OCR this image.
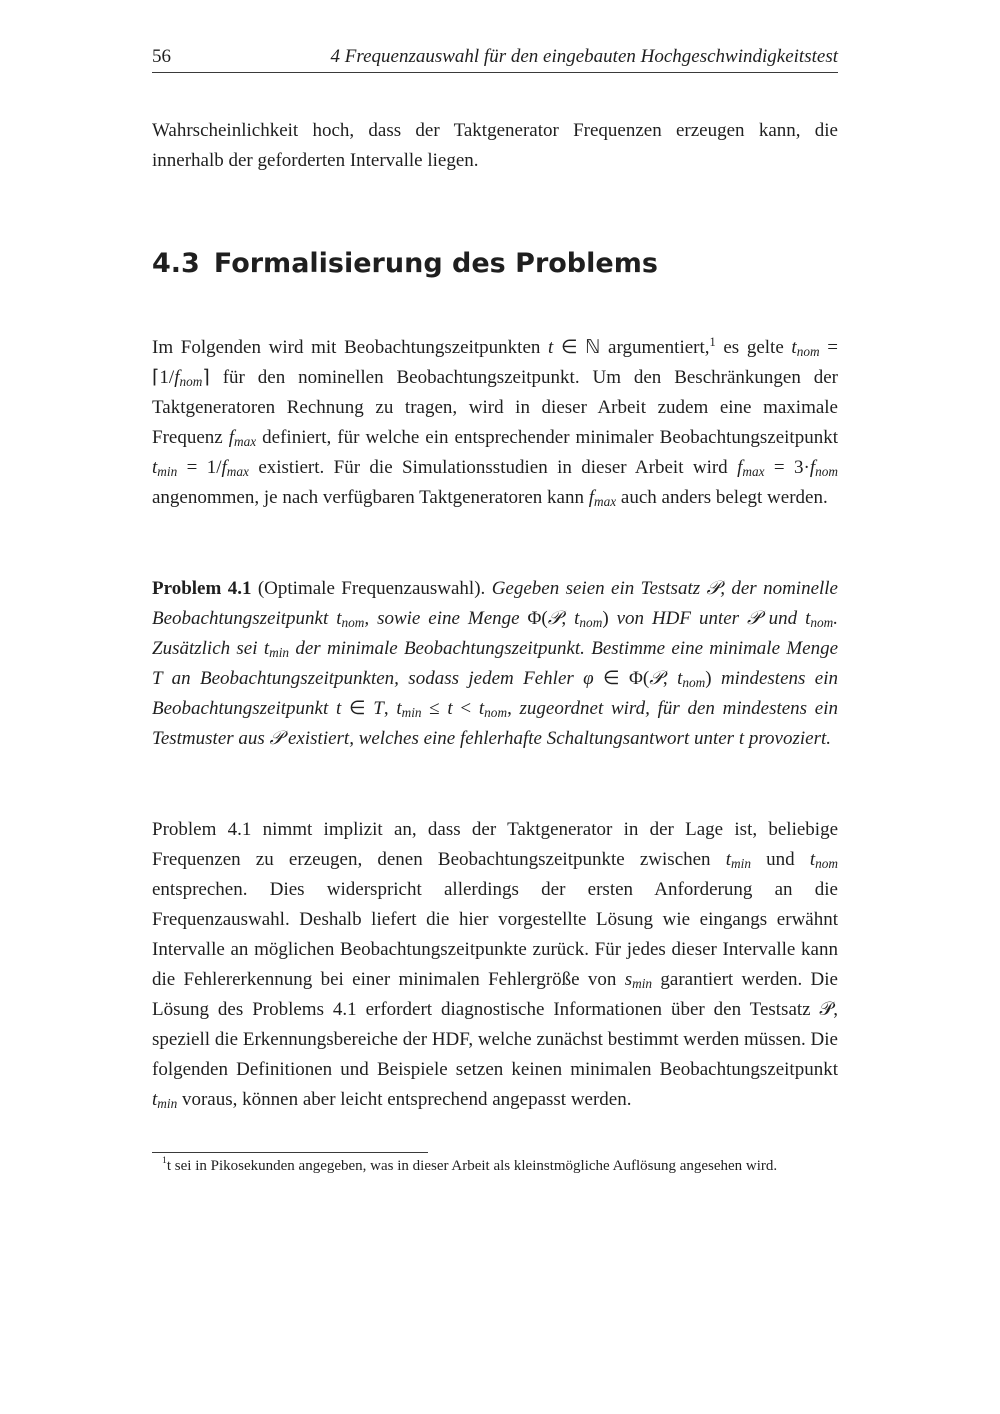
56	4 Frequenzauswahl für den eingebauten Hochgeschwindigkeitstest

Wahrscheinlichkeit hoch, dass der Taktgenerator Frequenzen erzeugen kann, die innerhalb der geforderten Intervalle liegen.

4.3 Formalisierung des Problems

Im Folgenden wird mit Beobachtungszeitpunkten t ∈ ℕ argumentiert,$^1$ es gelte $t_{nom}$ = $⌈1/f_{nom}⌉$ für den nominellen Beobachtungszeitpunkt. Um den Beschränkungen der Taktgeneratoren Rechnung zu tragen, wird in dieser Arbeit zudem eine maximale Frequenz $f_{max}$ definiert, für welche ein entsprechender minimaler Beobachtungszeitpunkt $t_{min} = 1/f_{max}$ existiert. Für die Simulationsstudien in dieser Arbeit wird $f_{max} = 3\cdot f_{nom}$ angenommen, je nach verfügbaren Taktgeneratoren kann $f_{max}$ auch anders belegt werden.

Problem 4.1 (Optimale Frequenzauswahl). Gegeben seien ein Testsatz 𝒫, der nominelle Beobachtungszeitpunkt $t_{nom}$, sowie eine Menge Φ(𝒫, $t_{nom}$) von HDF unter 𝒫 und $t_{nom}$. Zusätzlich sei $t_{min}$ der minimale Beobachtungszeitpunkt. Bestimme eine minimale Menge T an Beobachtungszeitpunkten, sodass jedem Fehler φ ∈ Φ(𝒫, $t_{nom}$) mindestens ein Beobachtungszeitpunkt t ∈ T, $t_{min} \le t < t_{nom}$, zugeordnet wird, für den mindestens ein Testmuster aus 𝒫 existiert, welches eine fehlerhafte Schaltungsantwort unter t provoziert.

Problem 4.1 nimmt implizit an, dass der Taktgenerator in der Lage ist, beliebige Frequenzen zu erzeugen, denen Beobachtungszeitpunkte zwischen $t_{min}$ und $t_{nom}$ entsprechen. Dies widerspricht allerdings der ersten Anforderung an die Frequenzauswahl. Deshalb liefert die hier vorgestellte Lösung wie eingangs erwähnt Intervalle an möglichen Beobachtungszeitpunkte zurück. Für jedes dieser Intervalle kann die Fehlererkennung bei einer minimalen Fehlergröße von $s_{min}$ garantiert werden. Die Lösung des Problems 4.1 erfordert diagnostische Informationen über den Testsatz 𝒫, speziell die Erkennungsbereiche der HDF, welche zunächst bestimmt werden müssen. Die folgenden Definitionen und Beispiele setzen keinen minimalen Beobachtungszeitpunkt $t_{min}$ voraus, können aber leicht entsprechend angepasst werden.

$^1$t sei in Pikosekunden angegeben, was in dieser Arbeit als kleinstmögliche Auflösung angesehen wird.
